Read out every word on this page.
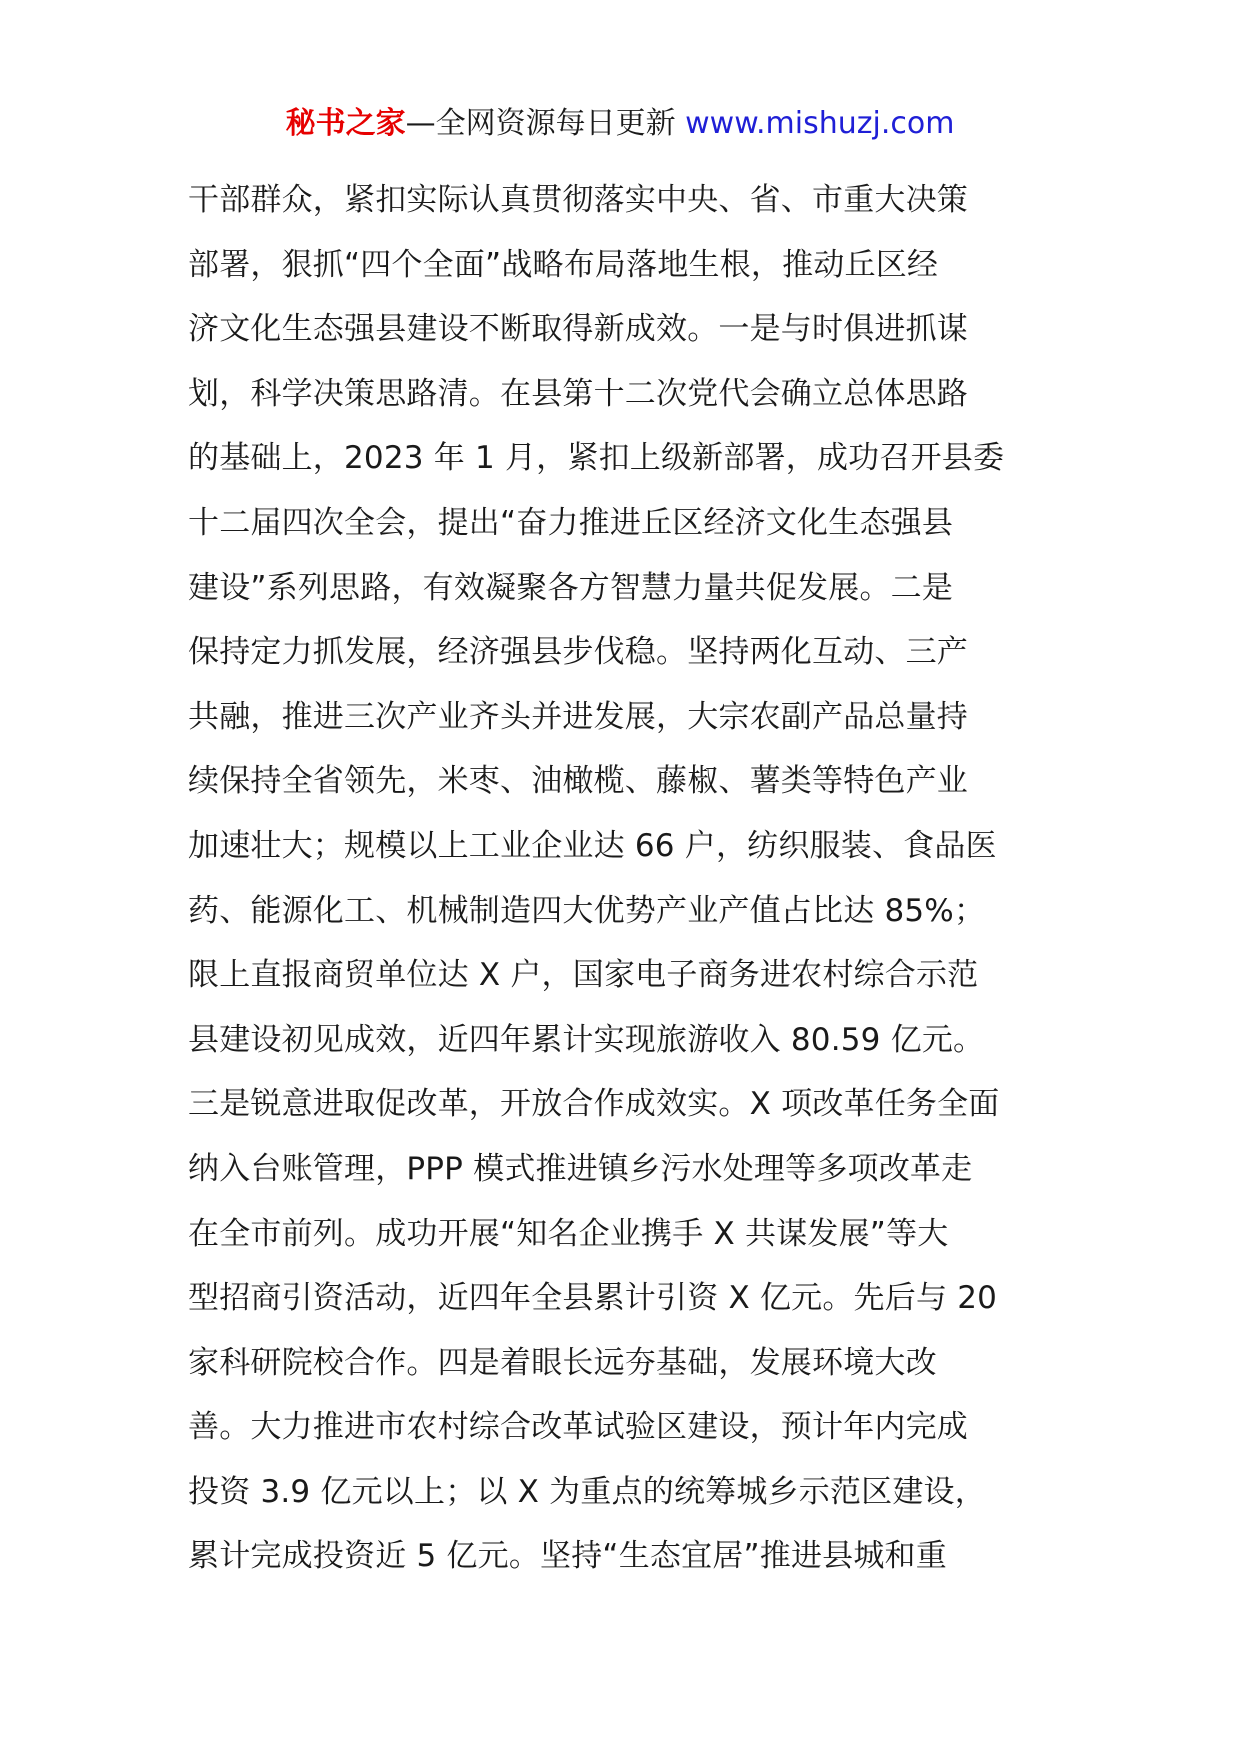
秘书之家—全网资源每日更新 www.mishuzj.com
干部群众，紧扣实际认真贯彻落实中央、省、市重大决策
部署，狠抓“四个全面”战略布局落地生根，推动丘区经
济文化生态强县建设不断取得新成效。一是与时俱进抓谋
划，科学决策思路清。在县第十二次党代会确立总体思路
的基础上，2023 年 1 月，紧扣上级新部署，成功召开县委
十二届四次全会，提出“奋力推进丘区经济文化生态强县
建设”系列思路，有效凝聚各方智慧力量共促发展。二是
保持定力抓发展，经济强县步伐稳。坚持两化互动、三产
共融，推进三次产业齐头并进发展，大宗农副产品总量持
续保持全省领先，米枣、油橄榄、藤椒、薯类等特色产业
加速壮大；规模以上工业企业达 66 户，纺织服装、食品医
药、能源化工、机械制造四大优势产业产值占比达 85%；
限上直报商贸单位达 X 户，国家电子商务进农村综合示范
县建设初见成效，近四年累计实现旅游收入 80.59 亿元。
三是锐意进取促改革，开放合作成效实。X 项改革任务全面
纳入台账管理，PPP 模式推进镇乡污水处理等多项改革走
在全市前列。成功开展“知名企业携手 X 共谋发展”等大
型招商引资活动，近四年全县累计引资 X 亿元。先后与 20
家科研院校合作。四是着眼长远夯基础，发展环境大改
善。大力推进市农村综合改革试验区建设，预计年内完成
投资 3.9 亿元以上；以 X 为重点的统筹城乡示范区建设，
累计完成投资近 5 亿元。坚持“生态宜居”推进县城和重
